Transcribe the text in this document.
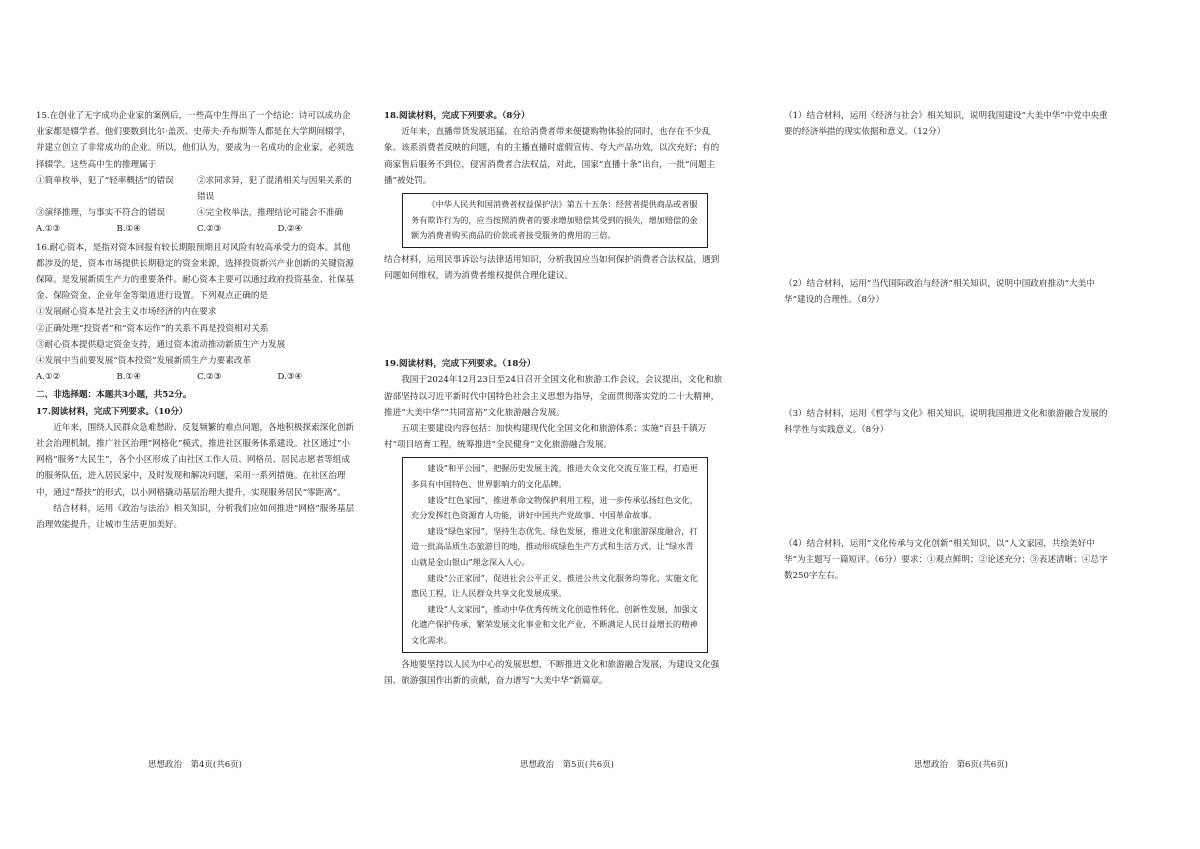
15.在创业了无字成功企业家的案例后，一些高中生得出了一个结论：诗可以成功企业家都是辍学者。他们要数到比尔·盖茨、史蒂夫·乔布斯等人都是在大学期间辍学，并建立创立了非常成功的企业。所以，他们认为，要成为一名成功的企业家，必须选择辍学。这些高中生的推理属于

①简单枚举，犯了“轻率概括”的错误	②求同求异，犯了混淆相关与因果关系的错误
③演绎推理，与事实不符合的错误	④完全枚举法，推理结论可能会不准确
A.①③	B.①④	C.②③	D.②④

16.耐心资本，是指对资本回报有较长期限预期且对风险有较高承受力的资本。其他都涉及的是，资本市场提供长期稳定的资金来源，选择投资新兴产业创新的关键资源保障。是发展新质生产力的重要条件。耐心资本主要可以通过政府投资基金、社保基金、保险资金、企业年金等渠道进行设置。下列观点正确的是

①发展耐心资本是社会主义市场经济的内在要求
②正确处理“投资者”和“资本运作”的关系不再是投资相对关系
③耐心资本提供稳定资金支持，通过资本流动推动新质生产力发展
④发展中当前要发展“资本投资”发展新质生产力要素改革
A.①②	B.①④	C.②③	D.③④
二、非选择题：本题共3小题，共52分。
17.阅读材料，完成下列要求。（10分）

近年来，围绕人民群众急难愁盼、反复频繁的难点问题，各地积极探索深化创新社会治理机制，推广社区治理“网格化”模式，推进社区服务体系建设。社区通过“小网格”服务“大民生”，各个小区形成了由社区工作人员、网格员、居民志愿者等组成的服务队伍，进入居民家中，及时发现和解决问题，采用一系列措施。在社区治理中，通过“帮扶”的形式，以小网格撬动基层治理大提升，实现服务居民“零距离”。

结合材料，运用《政治与法治》相关知识，分析我们应如何推进“网格”服务基层治理效能提升，让城市生活更加美好。

18.阅读材料，完成下列要求。（8分）

近年来，直播带货发展迅猛，在给消费者带来便捷购物体验的同时，也存在不少乱象。该系消费者反映的问题，有的主播直播时虚假宣传、夸大产品功效，以次充好；有的商家售后服务不到位，侵害消费者合法权益，对此，国家“直播十条”出台，一批“问题主播”被处罚。

《中华人民共和国消费者权益保护法》第五十五条：经营者提供商品或者服务有欺诈行为的，应当按照消费者的要求增加赔偿其受到的损失，增加赔偿的金额为消费者购买商品的价款或者接受服务的费用的三倍。

结合材料，运用民事诉讼与法律适用知识，分析我国应当如何保护消费者合法权益，遇到问题如何维权，请为消费者维权提供合理化建议。

19.阅读材料，完成下列要求。（18分）

我国于2024年12月23日至24日召开全国文化和旅游工作会议，会议提出，文化和旅游部坚持以习近平新时代中国特色社会主义思想为指导，全面贯彻落实党的二十大精神，推进“大美中华”“共同富裕”文化旅游融合发展。

五项主要建设内容包括：加快构建现代化全国文化和旅游体系；实施“百县千镇万村”项目培育工程，统筹推进“全民健身”文化旅游融合发展。

建设“和平公园”，把握历史发展主流，推进大众文化交流互鉴工程，打造更多具有中国特色、世界影响力的文化品牌。

建设“红色家园”，推进革命文物保护利用工程，进一步传承弘扬红色文化，充分发挥红色资源育人功能，讲好中国共产党故事、中国革命故事。

建设“绿色家园”，坚持生态优先、绿色发展，推进文化和旅游深度融合，打造一批高品质生态旅游目的地，推动形成绿色生产方式和生活方式，让“绿水青山就是金山银山”理念深入人心。

建设“公正家园”，促进社会公平正义，推进公共文化服务均等化，实施文化惠民工程，让人民群众共享文化发展成果。

建设“人文家园”，推动中华优秀传统文化创造性转化、创新性发展，加强文化遗产保护传承，繁荣发展文化事业和文化产业，不断满足人民日益增长的精神文化需求。

各地要坚持以人民为中心的发展思想，不断推进文化和旅游融合发展，为建设文化强国、旅游强国作出新的贡献，奋力谱写“大美中华”新篇章。

（1）结合材料，运用《经济与社会》相关知识，说明我国建设“大美中华”中党中央重要的经济举措的现实依据和意义。（12分）

（2）结合材料，运用“当代国际政治与经济”相关知识，说明中国政府推动“大美中华”建设的合理性。（8分）

（3）结合材料，运用《哲学与文化》相关知识，说明我国推进文化和旅游融合发展的科学性与实践意义。（8分）

（4）结合材料，运用“文化传承与文化创新”相关知识，以“人文家园，共绘美好中华”为主题写一篇短评。（6分）要求：①观点鲜明；②论述充分；③表述清晰；④总字数250字左右。

思想政治　第4页(共6页)	思想政治　第5页(共6页)	思想政治　第6页(共6页)
